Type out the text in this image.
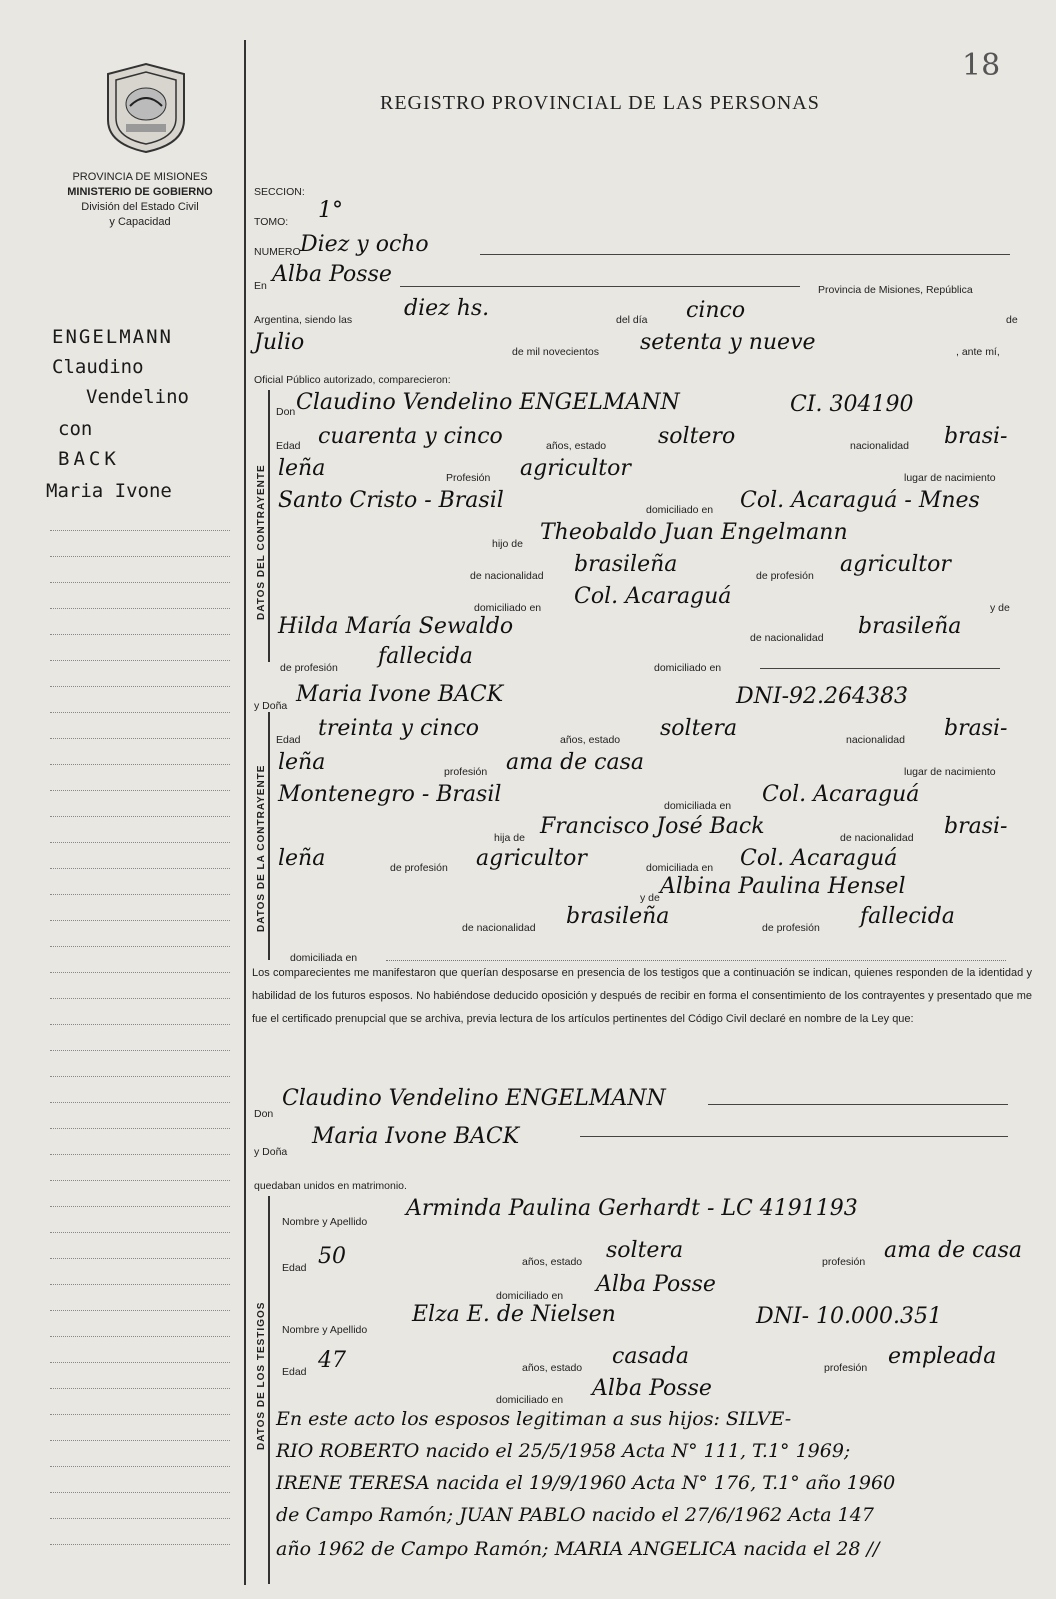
18
REGISTRO PROVINCIAL DE LAS PERSONAS
PROVINCIA DE MISIONES
MINISTERIO DE GOBIERNO
División del Estado Civil
y Capacidad
ENGELMANN
Claudino
Vendelino
con
BACK
Maria Ivone
SECCION:
TOMO: 1°
NUMERO Diez y ocho
En Alba Posse
Provincia de Misiones, República
Argentina, siendo las diez hs.	del día cinco	de
Julio	de mil novecientos setenta y nueve	, ante mí,
Oficial Público autorizado, comparecieron:
DATOS DEL CONTRAYENTE
Don Claudino Vendelino ENGELMANN	CI. 304190
Edad cuarenta y cinco	años, estado soltero	nacionalidad brasi-
leña	Profesión agricultor	lugar de nacimiento
Santo Cristo - Brasil	domiciliado en Col. Acaraguá - Mnes
hijo de Theobaldo Juan Engelmann
de nacionalidad brasileña	de profesión agricultor
domiciliado en Col. Acaraguá	y de
Hilda María Sewaldo	de nacionalidad brasileña
de profesión fallecida	domiciliado en
y Doña Maria Ivone BACK	DNI-92.264383
DATOS DE LA CONTRAYENTE
Edad treinta y cinco	años, estado soltera	nacionalidad brasi-
leña	profesión ama de casa	lugar de nacimiento
Montenegro - Brasil	domiciliada en Col. Acaraguá
hija de Francisco José Back	de nacionalidad brasi-
leña	de profesión agricultor	domiciliada en Col. Acaraguá
y de Albina Paulina Hensel
de nacionalidad brasileña	de profesión fallecida
domiciliada en
Los comparecientes me manifestaron que querían desposarse en presencia de los testigos que a continuación se indican, quienes responden de la identidad y habilidad de los futuros esposos. No habiéndose deducido oposición y después de recibir en forma el consentimiento de los contrayentes y presentado que me fue el certificado prenupcial que se archiva, previa lectura de los artículos pertinentes del Código Civil declaré en nombre de la Ley que:
Don
Claudino Vendelino ENGELMANN
y Doña
Maria Ivone BACK
quedaban unidos en matrimonio.
DATOS DE LOS TESTIGOS
Nombre y Apellido
Arminda Paulina Gerhardt - LC 4191193
Edad 50	años, estado soltera	profesión ama de casa
domiciliado en Alba Posse
Nombre y Apellido
Elza E. de Nielsen	DNI- 10.000.351
Edad 47	años, estado casada	profesión empleada
domiciliado en Alba Posse
En este acto los esposos legitiman a sus hijos: SILVE-
RIO ROBERTO nacido el 25/5/1958 Acta N° 111, T.1° 1969;
IRENE TERESA nacida el 19/9/1960 Acta N° 176, T.1° año 1960
de Campo Ramón; JUAN PABLO nacido el 27/6/1962 Acta 147
año 1962 de Campo Ramón; MARIA ANGELICA nacida el 28 //
